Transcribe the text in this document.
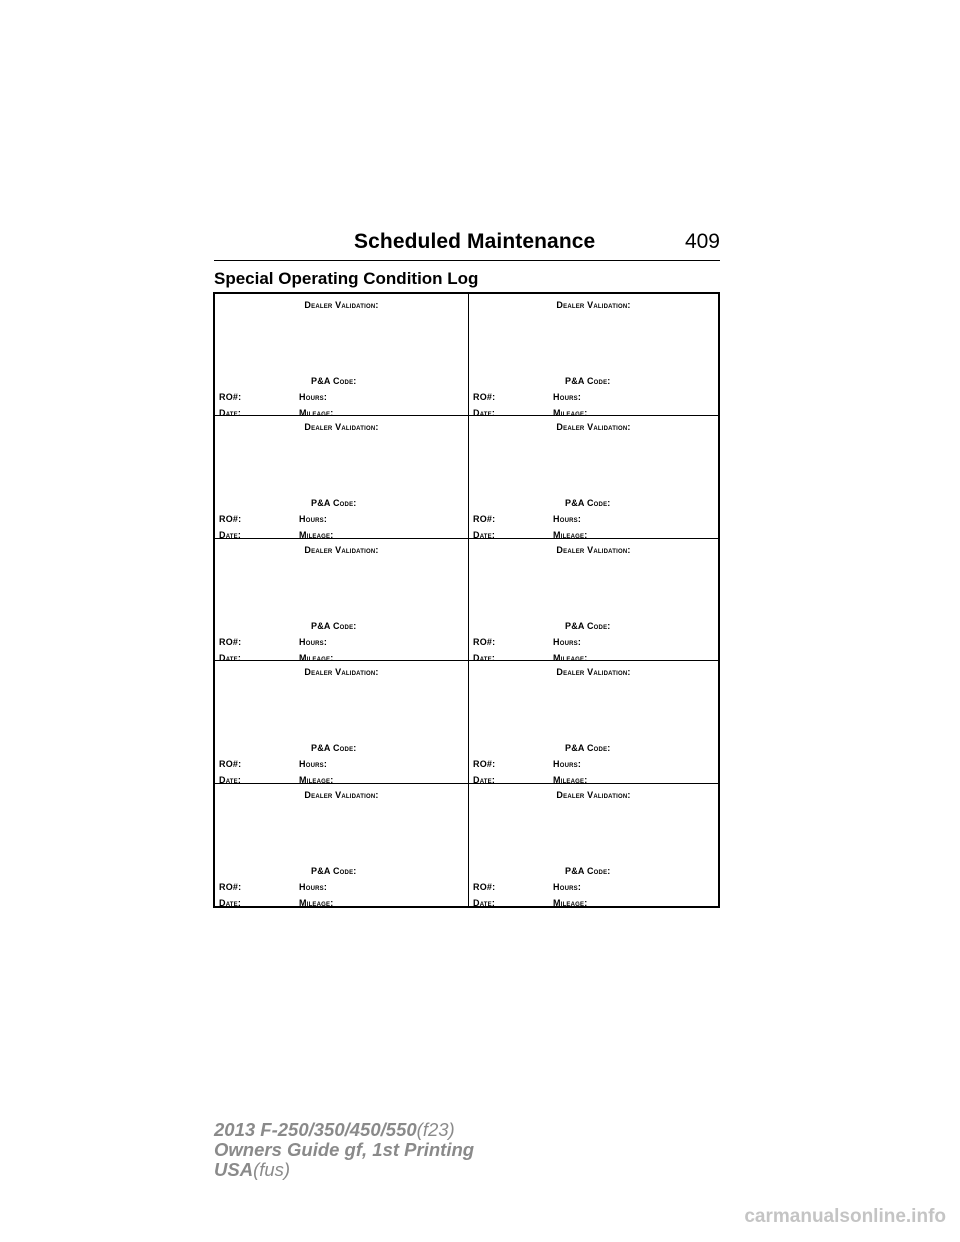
Scheduled Maintenance	409
Special Operating Condition Log
Dealer Validation:
P&A Code:
RO#:	Hours:
Date:	Mileage:
Dealer Validation:
P&A Code:
RO#:	Hours:
Date:	Mileage:
Dealer Validation:
P&A Code:
RO#:	Hours:
Date:	Mileage:
Dealer Validation:
P&A Code:
RO#:	Hours:
Date:	Mileage:
Dealer Validation:
P&A Code:
RO#:	Hours:
Date:	Mileage:
Dealer Validation:
P&A Code:
RO#:	Hours:
Date:	Mileage:
Dealer Validation:
P&A Code:
RO#:	Hours:
Date:	Mileage:
Dealer Validation:
P&A Code:
RO#:	Hours:
Date:	Mileage:
Dealer Validation:
P&A Code:
RO#:	Hours:
Date:	Mileage:
Dealer Validation:
P&A Code:
RO#:	Hours:
Date:	Mileage:
2013 F-250/350/450/550(f23)
Owners Guide gf, 1st Printing
USA(fus)
carmanualsonline.info
